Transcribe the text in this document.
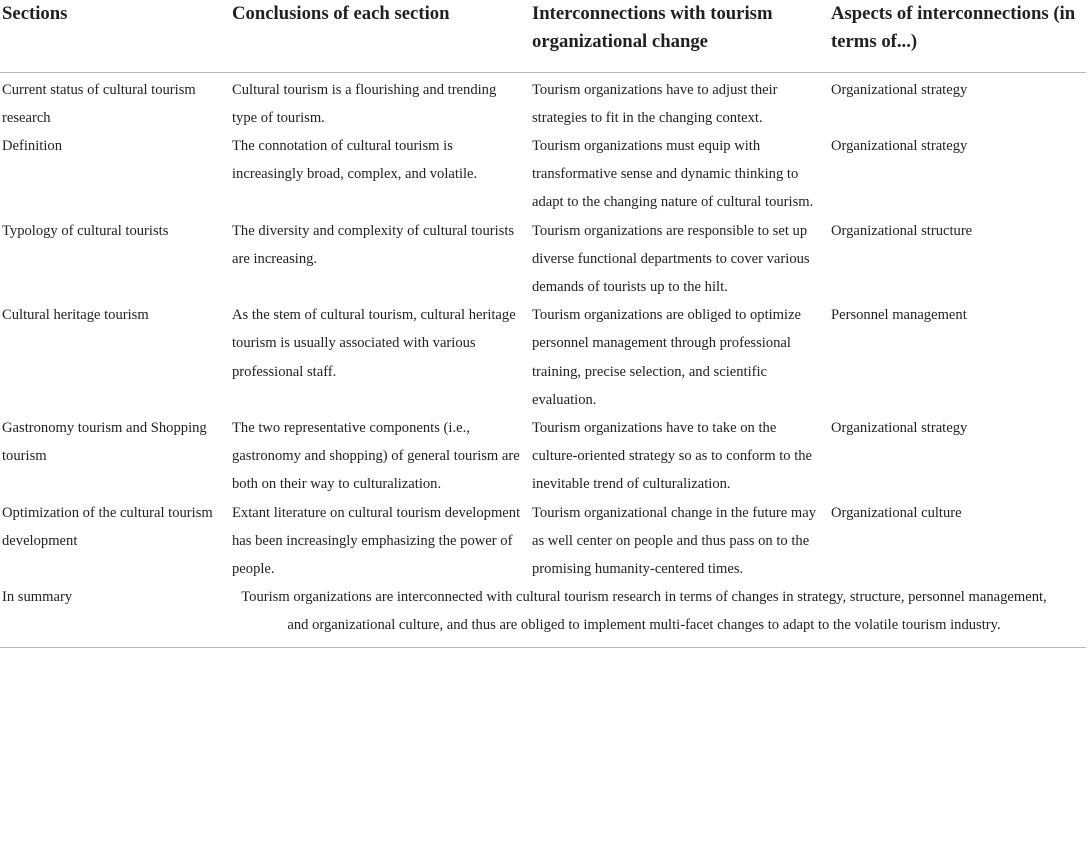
Sections	Conclusions of each section	Interconnections with tourism organizational change	Aspects of interconnections (in terms of...)
Current status of cultural tourism research	Cultural tourism is a flourishing and trending type of tourism.	Tourism organizations have to adjust their strategies to fit in the changing context.	Organizational strategy
Definition	The connotation of cultural tourism is increasingly broad, complex, and volatile.	Tourism organizations must equip with transformative sense and dynamic thinking to adapt to the changing nature of cultural tourism.	Organizational strategy
Typology of cultural tourists	The diversity and complexity of cultural tourists are increasing.	Tourism organizations are responsible to set up diverse functional departments to cover various demands of tourists up to the hilt.	Organizational structure
Cultural heritage tourism	As the stem of cultural tourism, cultural heritage tourism is usually associated with various professional staff.	Tourism organizations are obliged to optimize personnel management through professional training, precise selection, and scientific evaluation.	Personnel management
Gastronomy tourism and Shopping tourism	The two representative components (i.e., gastronomy and shopping) of general tourism are both on their way to culturalization.	Tourism organizations have to take on the culture-oriented strategy so as to conform to the inevitable trend of culturalization.	Organizational strategy
Optimization of the cultural tourism development	Extant literature on cultural tourism development has been increasingly emphasizing the power of people.	Tourism organizational change in the future may as well center on people and thus pass on to the promising humanity-centered times.	Organizational culture
In summary	Tourism organizations are interconnected with cultural tourism research in terms of changes in strategy, structure, personnel management, and organizational culture, and thus are obliged to implement multi-facet changes to adapt to the volatile tourism industry.		
